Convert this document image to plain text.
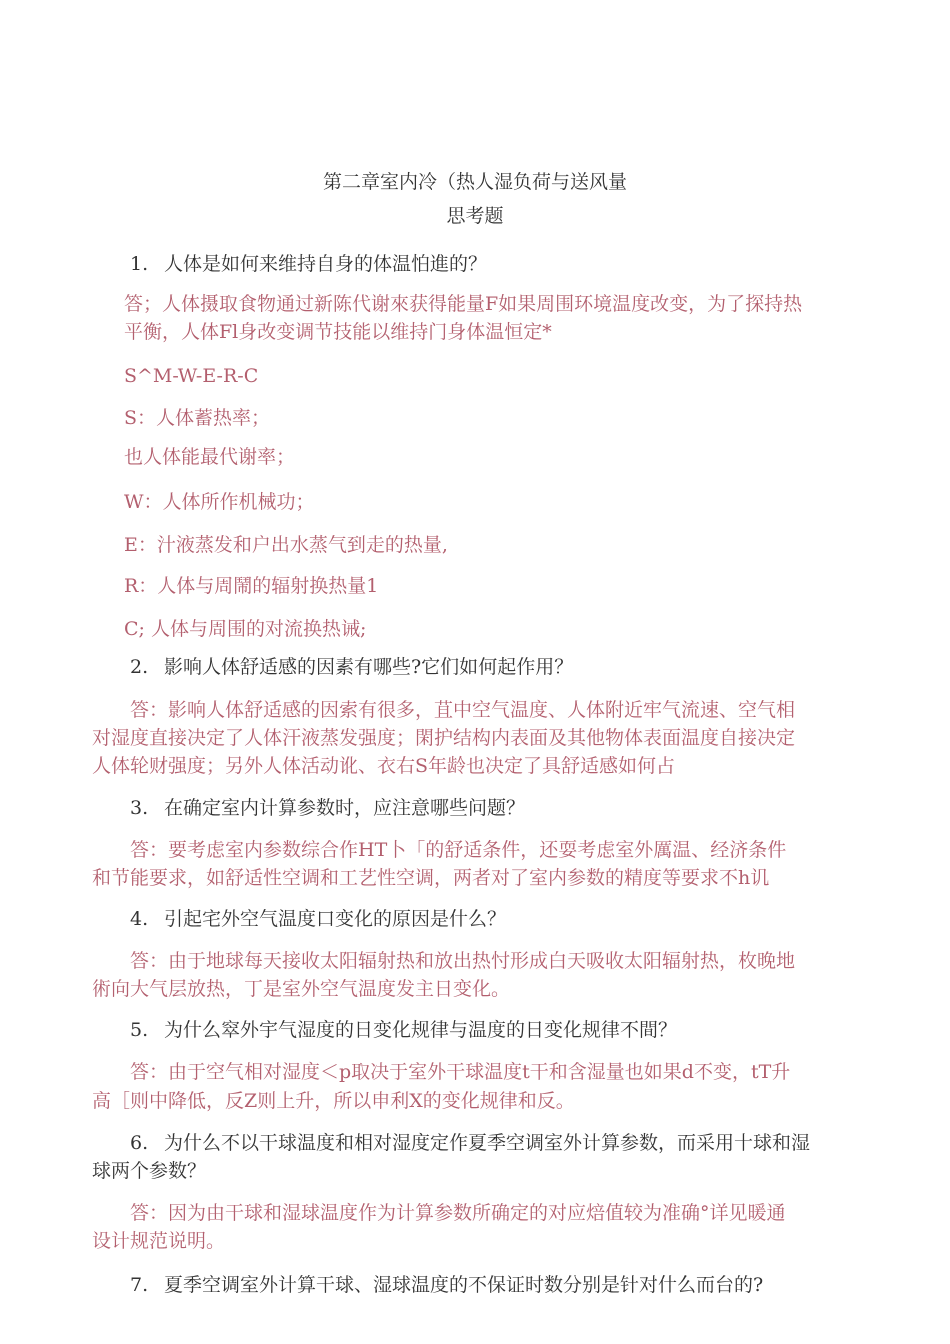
第二章室内冷（热人湿负荷与送风量
思考题
1. 人体是如何来维持自身的体温怕進的？
答；人体摄取食物通过新陈代谢來获得能量F如果周围环境温度改变，为了探持热
平衡，人体Fl身改变调节技能以维持门身体温恒定*
S^M-W-E-R-C
S：人体蓄热率；
也人体能最代谢率；
W：人体所作机械功；
E：汁液蒸发和户出水蒸气到走的热量,
R：人体与周鬧的辐射换热量1
C; 人体与周围的对流换热诫;
2. 影响人体舒适感的因素有哪些?它们如何起作用？
答：影响人体舒适感的因索有很多，苴中空气温度、人体附近牢气流速、空气相
对湿度直接决定了人体汗液蒸发强度；閑护结构内表面及其他物体表面温度自接决定
人体轮财强度；另外人体活动讹、衣右S年龄也决定了具舒适感如何占
3. 在确定室内计算参数时，应注意哪些问题？
答：要考虑室内参数综合作HT卜「的舒适条件，还耍考虑室外厲温、经济条件
和节能要求，如舒适性空调和工艺性空调，两者对了室内参数的精度等要求不h讥
4. 引起宅外空气温度口变化的原因是什么？
答：由于地球每天接收太阳辐射热和放出热忖形成白天吸收太阳辐射热，枚晚地
術向大气层放热，丁是室外空气温度发主日变化。
5. 为什么窣外宇气湿度的日变化规律与温度的日变化规律不間？
答：由于空气相对湿度＜p取决于室外干球温度t干和含湿量也如果d不变，tT升
高［则中降低，反Z则上升，所以申利X的变化规律和反。
6. 为什么不以干球温度和相对湿度定作夏季空调室外计算参数，而采用十球和湿
球两个参数？
答：因为由干球和湿球温度作为计算参数所确定的对应焙值较为准确°详见暖通
设计规范说明。
7. 夏季空调室外计算干球、湿球温度的不保证时数分别是针对什么而台的?
